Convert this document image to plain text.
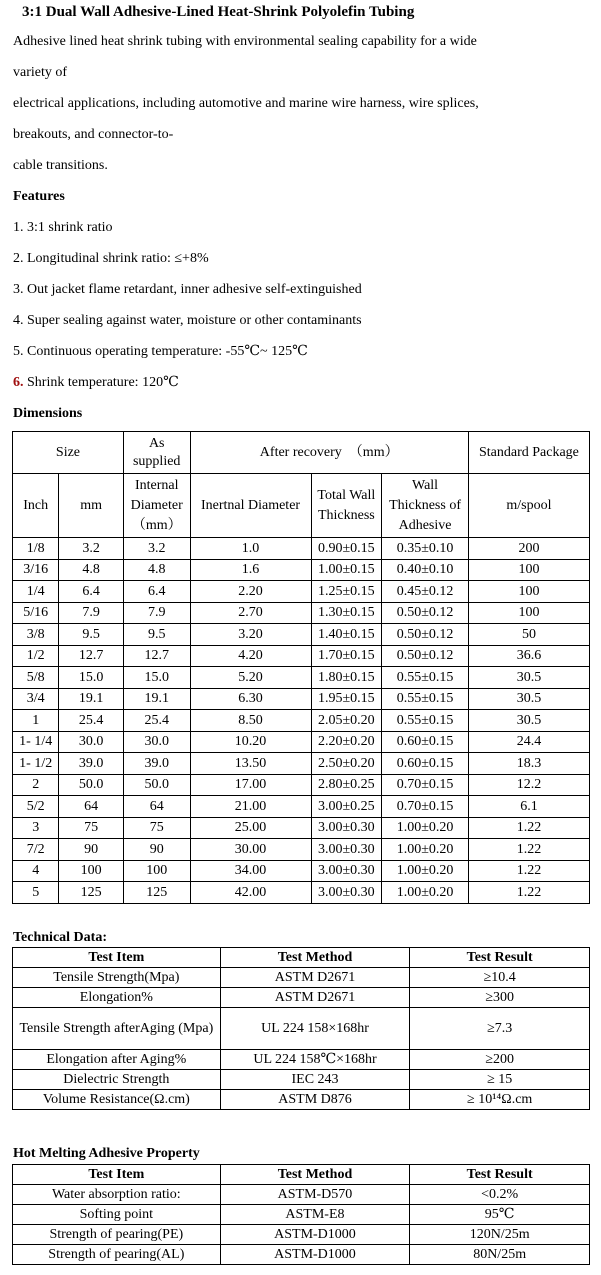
3:1 Dual Wall Adhesive-Lined Heat-Shrink Polyolefin Tubing
Adhesive lined heat shrink tubing with environmental sealing capability for a wide
variety of
electrical applications, including automotive and marine wire harness, wire splices,
breakouts, and connector-to-
cable transitions.
Features
1. 3:1 shrink ratio
2. Longitudinal shrink ratio: ≤+8%
3. Out jacket flame retardant, inner adhesive self-extinguished
4. Super sealing against water, moisture or other contaminants
5. Continuous operating temperature: -55℃~ 125℃
6. Shrink temperature: 120℃
Dimensions
Size		As supplied	After recovery　（mm）			Standard Package
Inch	mm	Internal Diameter （mm）	Inertnal Diameter	Total Wall Thickness	Wall Thickness of Adhesive	m/spool
1/8	3.2	3.2	1.0	0.90±0.15	0.35±0.10	200
3/16	4.8	4.8	1.6	1.00±0.15	0.40±0.10	100
1/4	6.4	6.4	2.20	1.25±0.15	0.45±0.12	100
5/16	7.9	7.9	2.70	1.30±0.15	0.50±0.12	100
3/8	9.5	9.5	3.20	1.40±0.15	0.50±0.12	50
1/2	12.7	12.7	4.20	1.70±0.15	0.50±0.12	36.6
5/8	15.0	15.0	5.20	1.80±0.15	0.55±0.15	30.5
3/4	19.1	19.1	6.30	1.95±0.15	0.55±0.15	30.5
1	25.4	25.4	8.50	2.05±0.20	0.55±0.15	30.5
1- 1/4	30.0	30.0	10.20	2.20±0.20	0.60±0.15	24.4
1- 1/2	39.0	39.0	13.50	2.50±0.20	0.60±0.15	18.3
2	50.0	50.0	17.00	2.80±0.25	0.70±0.15	12.2
5/2	64	64	21.00	3.00±0.25	0.70±0.15	6.1
3	75	75	25.00	3.00±0.30	1.00±0.20	1.22
7/2	90	90	30.00	3.00±0.30	1.00±0.20	1.22
4	100	100	34.00	3.00±0.30	1.00±0.20	1.22
5	125	125	42.00	3.00±0.30	1.00±0.20	1.22
Technical Data:
Test Item	Test Method	Test Result
Tensile Strength(Mpa)	ASTM D2671	≥10.4
Elongation%	ASTM D2671	≥300
Tensile Strength afterAging (Mpa)	UL 224 158×168hr	≥7.3
Elongation after Aging%	UL 224 158℃×168hr	≥200
Dielectric Strength	IEC 243	≥ 15
Volume Resistance(Ω.cm)	ASTM D876	≥ 10¹⁴Ω.cm
Hot Melting Adhesive Property
Test Item	Test Method	Test Result
Water absorption ratio:	ASTM-D570	<0.2%
Softing point	ASTM-E8	95℃
Strength of pearing(PE)	ASTM-D1000	120N/25m
Strength of pearing(AL)	ASTM-D1000	80N/25m
